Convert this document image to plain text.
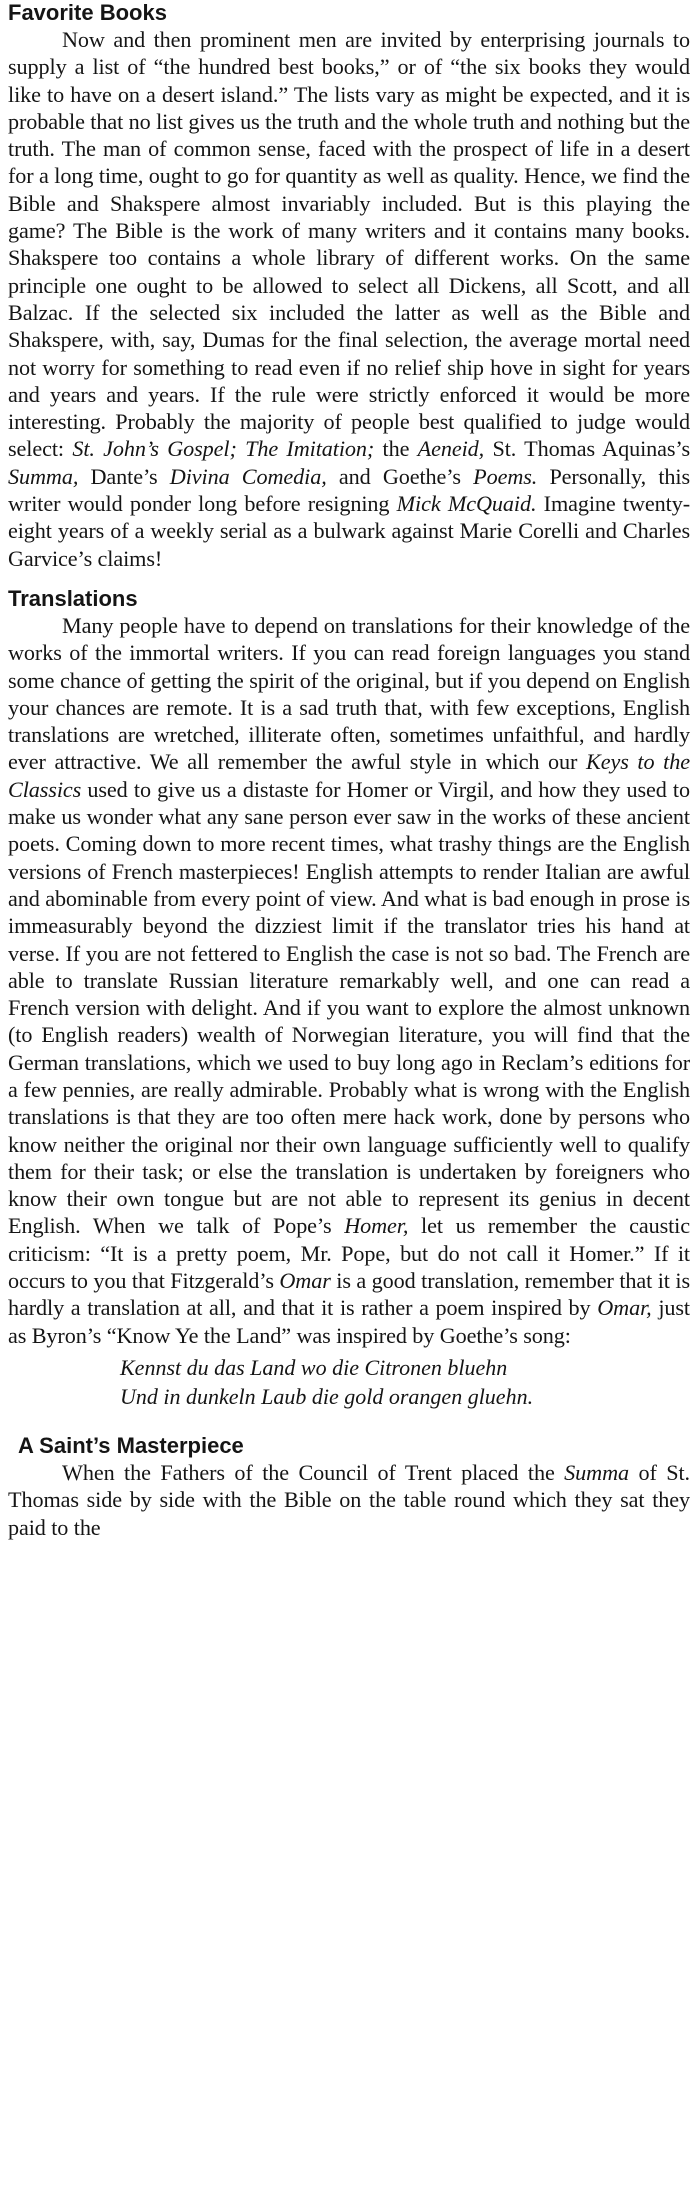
Favorite Books

Now and then prominent men are invited by enterprising journals to supply a list of “the hundred best books,” or of “the six books they would like to have on a desert island.” The lists vary as might be expected, and it is probable that no list gives us the truth and the whole truth and nothing but the truth. The man of common sense, faced with the prospect of life in a desert for a long time, ought to go for quantity as well as quality. Hence, we find the Bible and Shakspere almost invariably included. But is this playing the game? The Bible is the work of many writers and it contains many books. Shakspere too contains a whole library of different works. On the same principle one ought to be allowed to select all Dickens, all Scott, and all Balzac. If the selected six included the latter as well as the Bible and Shakspere, with, say, Dumas for the final selection, the average mortal need not worry for something to read even if no relief ship hove in sight for years and years and years. If the rule were strictly enforced it would be more interesting. Probably the majority of people best qualified to judge would select: St. John’s Gospel; The Imitation; the Aeneid, St. Thomas Aquinas’s Summa, Dante’s Divina Comedia, and Goethe’s Poems. Personally, this writer would ponder long before resigning Mick McQuaid. Imagine twenty-eight years of a weekly serial as a bulwark against Marie Corelli and Charles Garvice’s claims!

Translations

Many people have to depend on translations for their knowledge of the works of the immortal writers. If you can read foreign languages you stand some chance of getting the spirit of the original, but if you depend on English your chances are remote. It is a sad truth that, with few exceptions, English translations are wretched, illiterate often, sometimes unfaithful, and hardly ever attractive. We all remember the awful style in which our Keys to the Classics used to give us a distaste for Homer or Virgil, and how they used to make us wonder what any sane person ever saw in the works of these ancient poets. Coming down to more recent times, what trashy things are the English versions of French masterpieces! English attempts to render Italian are awful and abominable from every point of view. And what is bad enough in prose is immeasurably beyond the dizziest limit if the translator tries his hand at verse. If you are not fettered to English the case is not so bad. The French are able to translate Russian literature remarkably well, and one can read a French version with delight. And if you want to explore the almost unknown (to English readers) wealth of Norwegian literature, you will find that the German translations, which we used to buy long ago in Reclam’s editions for a few pennies, are really admirable. Probably what is wrong with the English translations is that they are too often mere hack work, done by persons who know neither the original nor their own language sufficiently well to qualify them for their task; or else the translation is undertaken by foreigners who know their own tongue but are not able to represent its genius in decent English. When we talk of Pope’s Homer, let us remember the caustic criticism: “It is a pretty poem, Mr. Pope, but do not call it Homer.” If it occurs to you that Fitzgerald’s Omar is a good translation, remember that it is hardly a translation at all, and that it is rather a poem inspired by Omar, just as Byron’s “Know Ye the Land” was inspired by Goethe’s song:

Kennst du das Land wo die Citronen bluehn
Und in dunkeln Laub die gold orangen gluehn.
A Saint’s Masterpiece

When the Fathers of the Council of Trent placed the Summa of St. Thomas side by side with the Bible on the table round which they sat they paid to the
